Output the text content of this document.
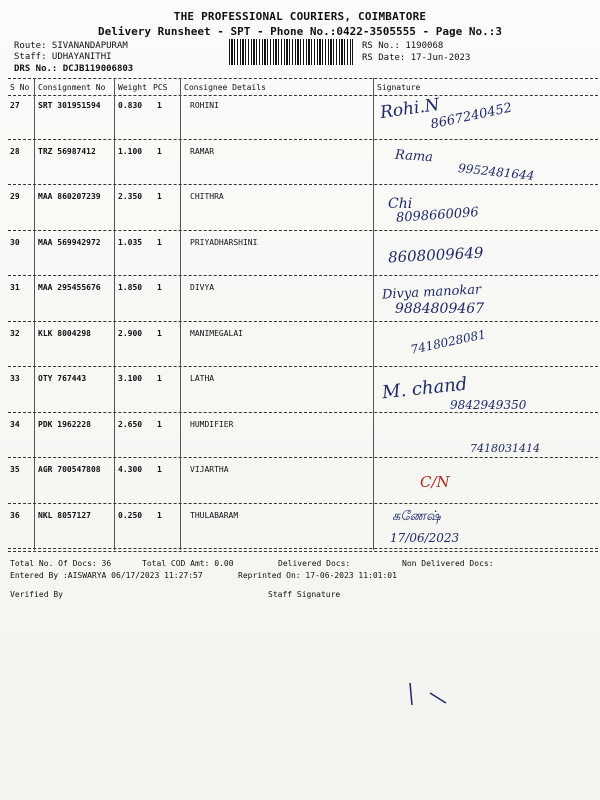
THE PROFESSIONAL COURIERS, COIMBATORE
Delivery Runsheet - SPT - Phone No.:0422-3505555 - Page No.:3
Route: SIVANANDAPURAM
Staff: UDHAYANITHI
DRS No.: DCJB119006803
RS No.: 1190068
RS Date: 17-Jun-2023
S No Consignment No Weight PCS Consignee Details	Signature
27 SRT 301951594 0.830 1	ROHINI	Rohi.N
8667240452
28 TRZ 56987412	1.100 1	RAMAR	Rama
9952481644
29 MAA 860207239 2.350 1	CHITHRA	Chi
8098660096
30 MAA 569942972 1.035 1	PRIYADHARSHINI
8608009649
31 MAA 295455676 1.850 1	DIVYA	Divya manokar
9884809467
32 KLK 8004298	2.900 1	MANIMEGALAI	7418028081
33 OTY 767443	3.100 1	LATHA	M. chand
9842949350
34 PDK 1962228	2.650 1	HUMDIFIER
7418031414
35 AGR 700547808 4.300 1	VIJARTHA
C/N
36 NKL 8057127	0.250 1	THULABARAM	கணேஷ்
17/06/2023
Total No. Of Docs: 36	Total COD Amt: 0.00	Delivered Docs:	Non Delivered Docs:
Entered By :AISWARYA 06/17/2023 11:27:57	Reprinted On: 17-06-2023 11:01:01
Verified By	Staff Signature
